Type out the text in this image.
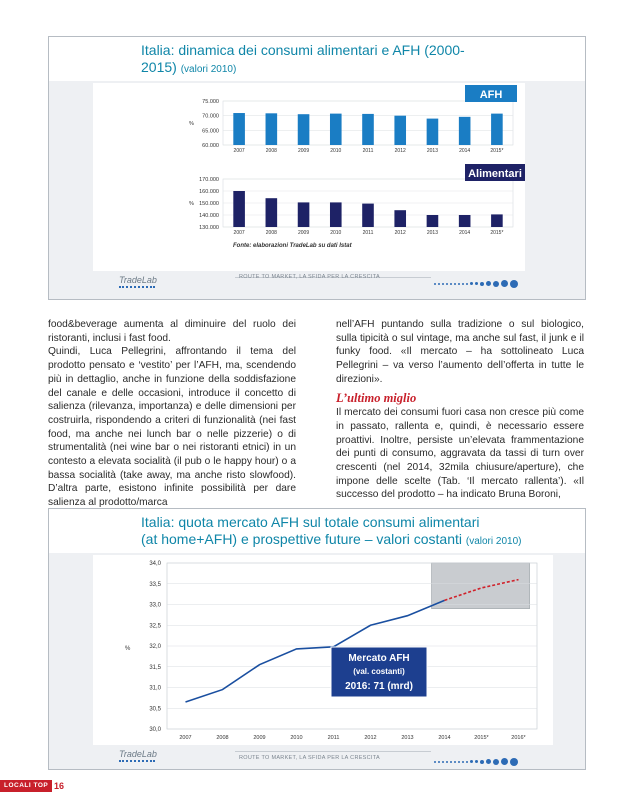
Italia: dinamica dei consumi alimentari e AFH (2000-2015) (valori 2010)
60.000
65.000
70.000
75.000
%
2007	2008	2009	2010	2011	2012	2013	2014	2015*
AFH
130.000
140.000
150.000
160.000
170.000
%
2007	2008	2009	2010	2011	2012	2013	2014	2015*
Alimentari
Fonte: elaborazioni TradeLab su dati Istat
TradeLab	ROUTE TO MARKET, LA SFIDA PER LA CRESCITA

food&beverage aumenta al diminuire del ruolo dei ristoranti, inclusi i fast food.

Quindi, Luca Pellegrini, affrontando il tema del prodotto pensato e ‘vestito’ per l’AFH, ma, scendendo più in dettaglio, anche in funzione della soddisfazione del canale e delle occasioni, introduce il concetto di salienza (rilevanza, importanza) e delle dimensioni per costruirla, rispondendo a criteri di funzionalità (nei fast food, ma anche nei lunch bar o nelle pizzerie) o di strumentalità (nei wine bar o nei ristoranti etnici) in un contesto a elevata socialità (il pub o le happy hour) o a bassa socialità (take away, ma anche risto slowfood). D’altra parte, esistono infinite possibilità per dare salienza al prodotto/marca

nell’AFH puntando sulla tradizione o sul biologico, sulla tipicità o sul vintage, ma anche sul fast, il junk e il funky food. «Il mercato – ha sottolineato Luca Pellegrini – va verso l’aumento dell’offerta in tutte le direzioni».

L’ultimo miglio

Il mercato dei consumi fuori casa non cresce più come in passato, rallenta e, quindi, è necessario essere proattivi. Inoltre, persiste un’elevata frammentazione dei punti di consumo, aggravata da tassi di turn over crescenti (nel 2014, 32mila chiusure/aperture), che impone delle scelte (Tab. ‘Il mercato rallenta’). «Il successo del prodotto – ha indicato Bruna Boroni,

Italia: quota mercato AFH sul totale consumi alimentari
(at home+AFH) e prospettive future – valori costanti (valori 2010)
30,0
30,5
31,0
31,5
32,0
32,5
33,0
33,5
34,0
%
2007	2008	2009	2010	2011	2012	2013	2014	2015*	2016*
Mercato AFH
(val. costanti)
2016: 71 (mrd)
TradeLab	ROUTE TO MARKET, LA SFIDA PER LA CRESCITA
LOCALI TOP 16
